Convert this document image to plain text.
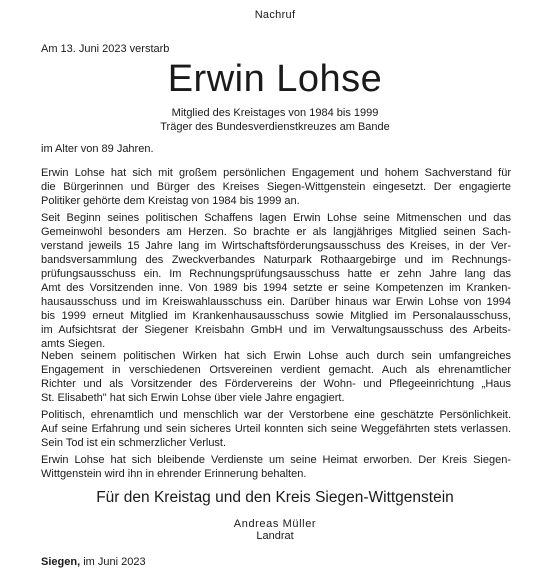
Nachruf
Am 13. Juni 2023 verstarb
Erwin Lohse
Mitglied des Kreistages von 1984 bis 1999
Träger des Bundesverdienstkreuzes am Bande
im Alter von 89 Jahren.
Erwin Lohse hat sich mit großem persönlichen Engagement und hohem Sachverstand für
die Bürgerinnen und Bürger des Kreises Siegen-Wittgenstein eingesetzt. Der engagierte
Politiker gehörte dem Kreistag von 1984 bis 1999 an.
Seit Beginn seines politischen Schaffens lagen Erwin Lohse seine Mitmenschen und das
Gemeinwohl besonders am Herzen. So brachte er als langjähriges Mitglied seinen Sach-
verstand jeweils 15 Jahre lang im Wirtschaftsförderungsausschuss des Kreises, in der Ver-
bandsversammlung des Zweckverbandes Naturpark Rothaargebirge und im Rechnungs-
prüfungsausschuss ein. Im Rechnungsprüfungsausschuss hatte er zehn Jahre lang das
Amt des Vorsitzenden inne. Von 1989 bis 1994 setzte er seine Kompetenzen im Kranken-
hausausschuss und im Kreiswahlausschuss ein. Darüber hinaus war Erwin Lohse von 1994
bis 1999 erneut Mitglied im Krankenhausausschuss sowie Mitglied im Personalausschuss,
im Aufsichtsrat der Siegener Kreisbahn GmbH und im Verwaltungsausschuss des Arbeits-
amts Siegen.
Neben seinem politischen Wirken hat sich Erwin Lohse auch durch sein umfangreiches
Engagement in verschiedenen Ortsvereinen verdient gemacht. Auch als ehrenamtlicher
Richter und als Vorsitzender des Fördervereins der Wohn- und Pflegeeinrichtung „Haus
St. Elisabeth" hat sich Erwin Lohse über viele Jahre engagiert.
Politisch, ehrenamtlich und menschlich war der Verstorbene eine geschätzte Persönlichkeit.
Auf seine Erfahrung und sein sicheres Urteil konnten sich seine Weggefährten stets verlassen.
Sein Tod ist ein schmerzlicher Verlust.
Erwin Lohse hat sich bleibende Verdienste um seine Heimat erworben. Der Kreis Siegen-
Wittgenstein wird ihn in ehrender Erinnerung behalten.
Für den Kreistag und den Kreis Siegen-Wittgenstein
Andreas Müller
Landrat
Siegen, im Juni 2023
